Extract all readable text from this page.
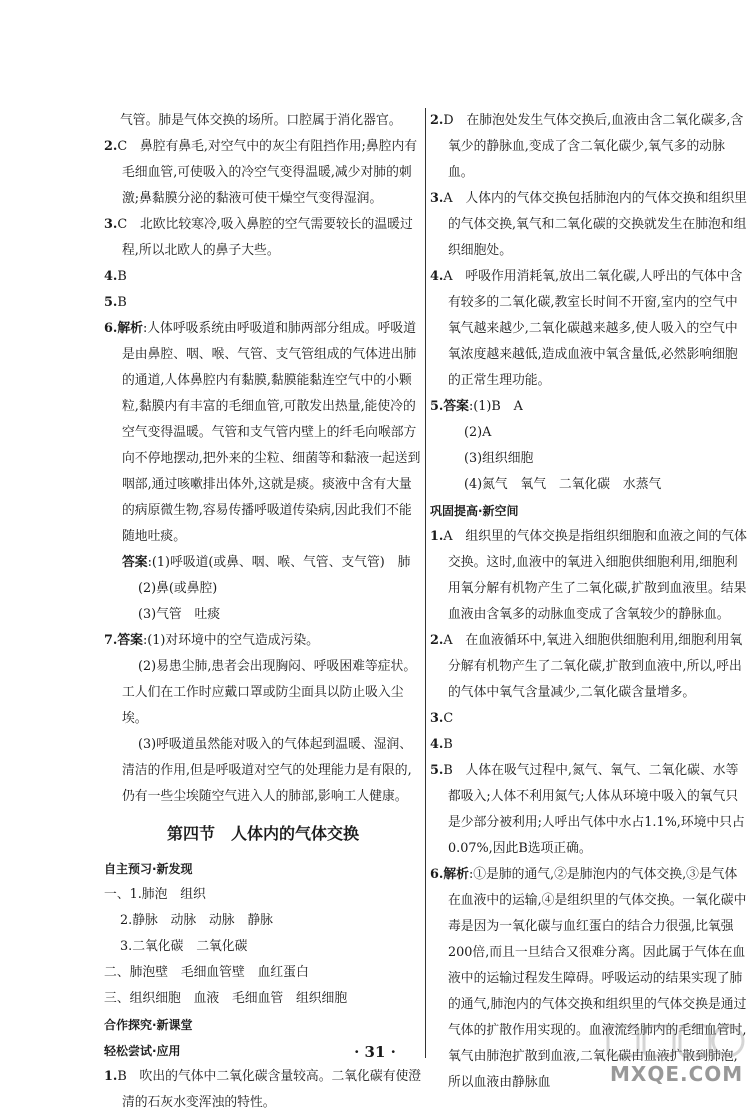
气管。肺是气体交换的场所。口腔属于消化器官。

2.C　鼻腔有鼻毛,对空气中的灰尘有阻挡作用;鼻腔内有毛细血管,可使吸入的冷空气变得温暖,减少对肺的刺激;鼻黏膜分泌的黏液可使干燥空气变得湿润。

3.C　北欧比较寒冷,吸入鼻腔的空气需要较长的温暖过程,所以北欧人的鼻子大些。

4.B

5.B

6.解析:人体呼吸系统由呼吸道和肺两部分组成。呼吸道是由鼻腔、咽、喉、气管、支气管组成的气体进出肺的通道,人体鼻腔内有黏膜,黏膜能黏连空气中的小颗粒,黏膜内有丰富的毛细血管,可散发出热量,能使冷的空气变得温暖。气管和支气管内壁上的纤毛向喉部方向不停地摆动,把外来的尘粒、细菌等和黏液一起送到咽部,通过咳嗽排出体外,这就是痰。痰液中含有大量的病原微生物,容易传播呼吸道传染病,因此我们不能随地吐痰。

答案:(1)呼吸道(或鼻、咽、喉、气管、支气管)　肺

(2)鼻(或鼻腔)

(3)气管　吐痰

7.答案:(1)对环境中的空气造成污染。

(2)易患尘肺,患者会出现胸闷、呼吸困难等症状。工人们在工作时应戴口罩或防尘面具以防止吸入尘埃。

(3)呼吸道虽然能对吸入的气体起到温暖、湿润、清洁的作用,但是呼吸道对空气的处理能力是有限的,仍有一些尘埃随空气进入人的肺部,影响工人健康。

第四节　人体内的气体交换

自主预习·新发现

一、1.肺泡　组织

2.静脉　动脉　动脉　静脉

3.二氧化碳　二氧化碳

二、肺泡壁　毛细血管壁　血红蛋白

三、组织细胞　血液　毛细血管　组织细胞

合作探究·新课堂

轻松尝试·应用

1.B　吹出的气体中二氧化碳含量较高。二氧化碳有使澄清的石灰水变浑浊的特性。

2.D　在肺泡处发生气体交换后,血液由含二氧化碳多,含氧少的静脉血,变成了含二氧化碳少,氧气多的动脉血。

3.A　人体内的气体交换包括肺泡内的气体交换和组织里的气体交换,氧气和二氧化碳的交换就发生在肺泡和组织细胞处。

4.A　呼吸作用消耗氧,放出二氧化碳,人呼出的气体中含有较多的二氧化碳,教室长时间不开窗,室内的空气中氧气越来越少,二氧化碳越来越多,使人吸入的空气中氧浓度越来越低,造成血液中氧含量低,必然影响细胞的正常生理功能。

5.答案:(1)B　A

(2)A

(3)组织细胞

(4)氮气　氧气　二氧化碳　水蒸气

巩固提高·新空间

1.A　组织里的气体交换是指组织细胞和血液之间的气体交换。这时,血液中的氧进入细胞供细胞利用,细胞利用氧分解有机物产生了二氧化碳,扩散到血液里。结果血液由含氧多的动脉血变成了含氧较少的静脉血。

2.A　在血液循环中,氧进入细胞供细胞利用,细胞利用氧分解有机物产生了二氧化碳,扩散到血液中,所以,呼出的气体中氧气含量减少,二氧化碳含量增多。

3.C

4.B

5.B　人体在吸气过程中,氮气、氧气、二氧化碳、水等都吸入;人体不利用氮气;人体从环境中吸入的氧气只是少部分被利用;人呼出气体中水占1.1%,环境中只占0.07%,因此B选项正确。

6.解析:①是肺的通气,②是肺泡内的气体交换,③是气体在血液中的运输,④是组织里的气体交换。一氧化碳中毒是因为一氧化碳与血红蛋白的结合力很强,比氧强200倍,而且一旦结合又很难分离。因此属于气体在血液中的运输过程发生障碍。呼吸运动的结果实现了肺的通气,肺泡内的气体交换和组织里的气体交换是通过气体的扩散作用实现的。血液流经肺内的毛细血管时,氧气由肺泡扩散到血液,二氧化碳由血液扩散到肺泡,所以血液由静脉血

· 31 ·
MXQE.COM
